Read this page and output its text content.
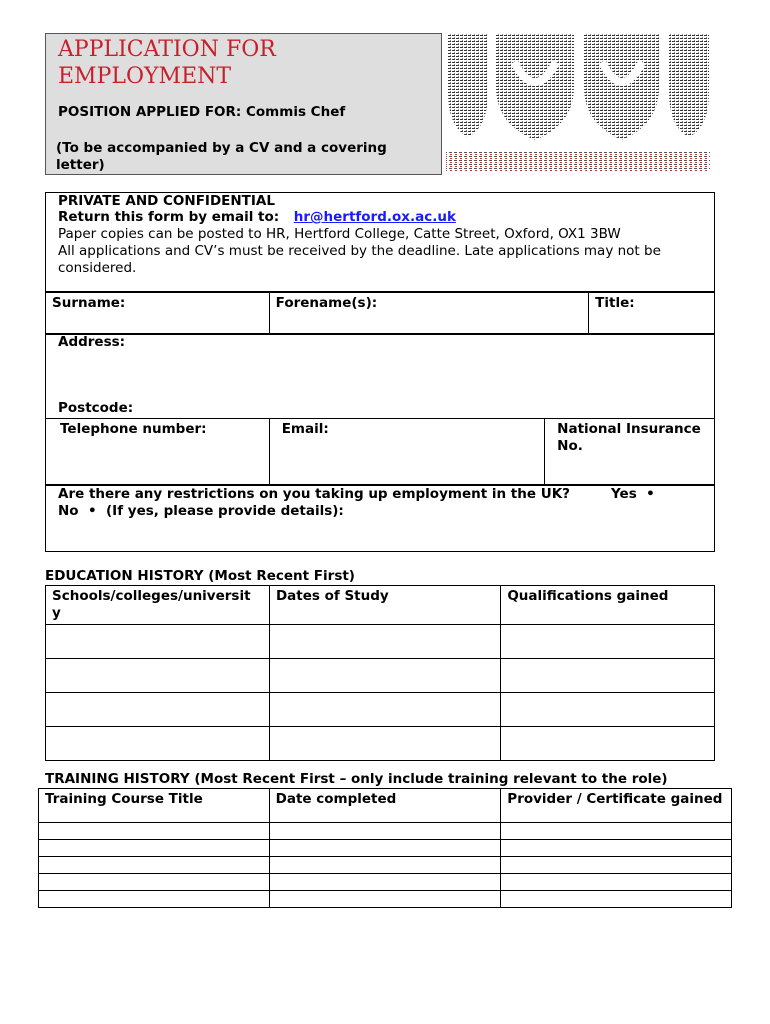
APPLICATION FOR
EMPLOYMENT
POSITION APPLIED FOR: Commis Chef
(To be accompanied by a CV and a covering letter)
PRIVATE AND CONFIDENTIAL
Return this form by email to: hr@hertford.ox.ac.uk
Paper copies can be posted to HR, Hertford College, Catte Street, Oxford, OX1 3BW
All applications and CV’s must be received by the deadline. Late applications may not be considered.
Surname:	Forename(s):	Title:
Address:
Postcode:
Telephone number:	Email:	National Insurance
No.
Are there any restrictions on you taking up employment in the UK?	Yes  •
No  •  (If yes, please provide details):
EDUCATION HISTORY (Most Recent First)
Schools/colleges/universit y	Dates of Study	Qualifications gained

TRAINING HISTORY (Most Recent First – only include training relevant to the role)
Training Course Title	Date completed	Provider / Certificate gained
